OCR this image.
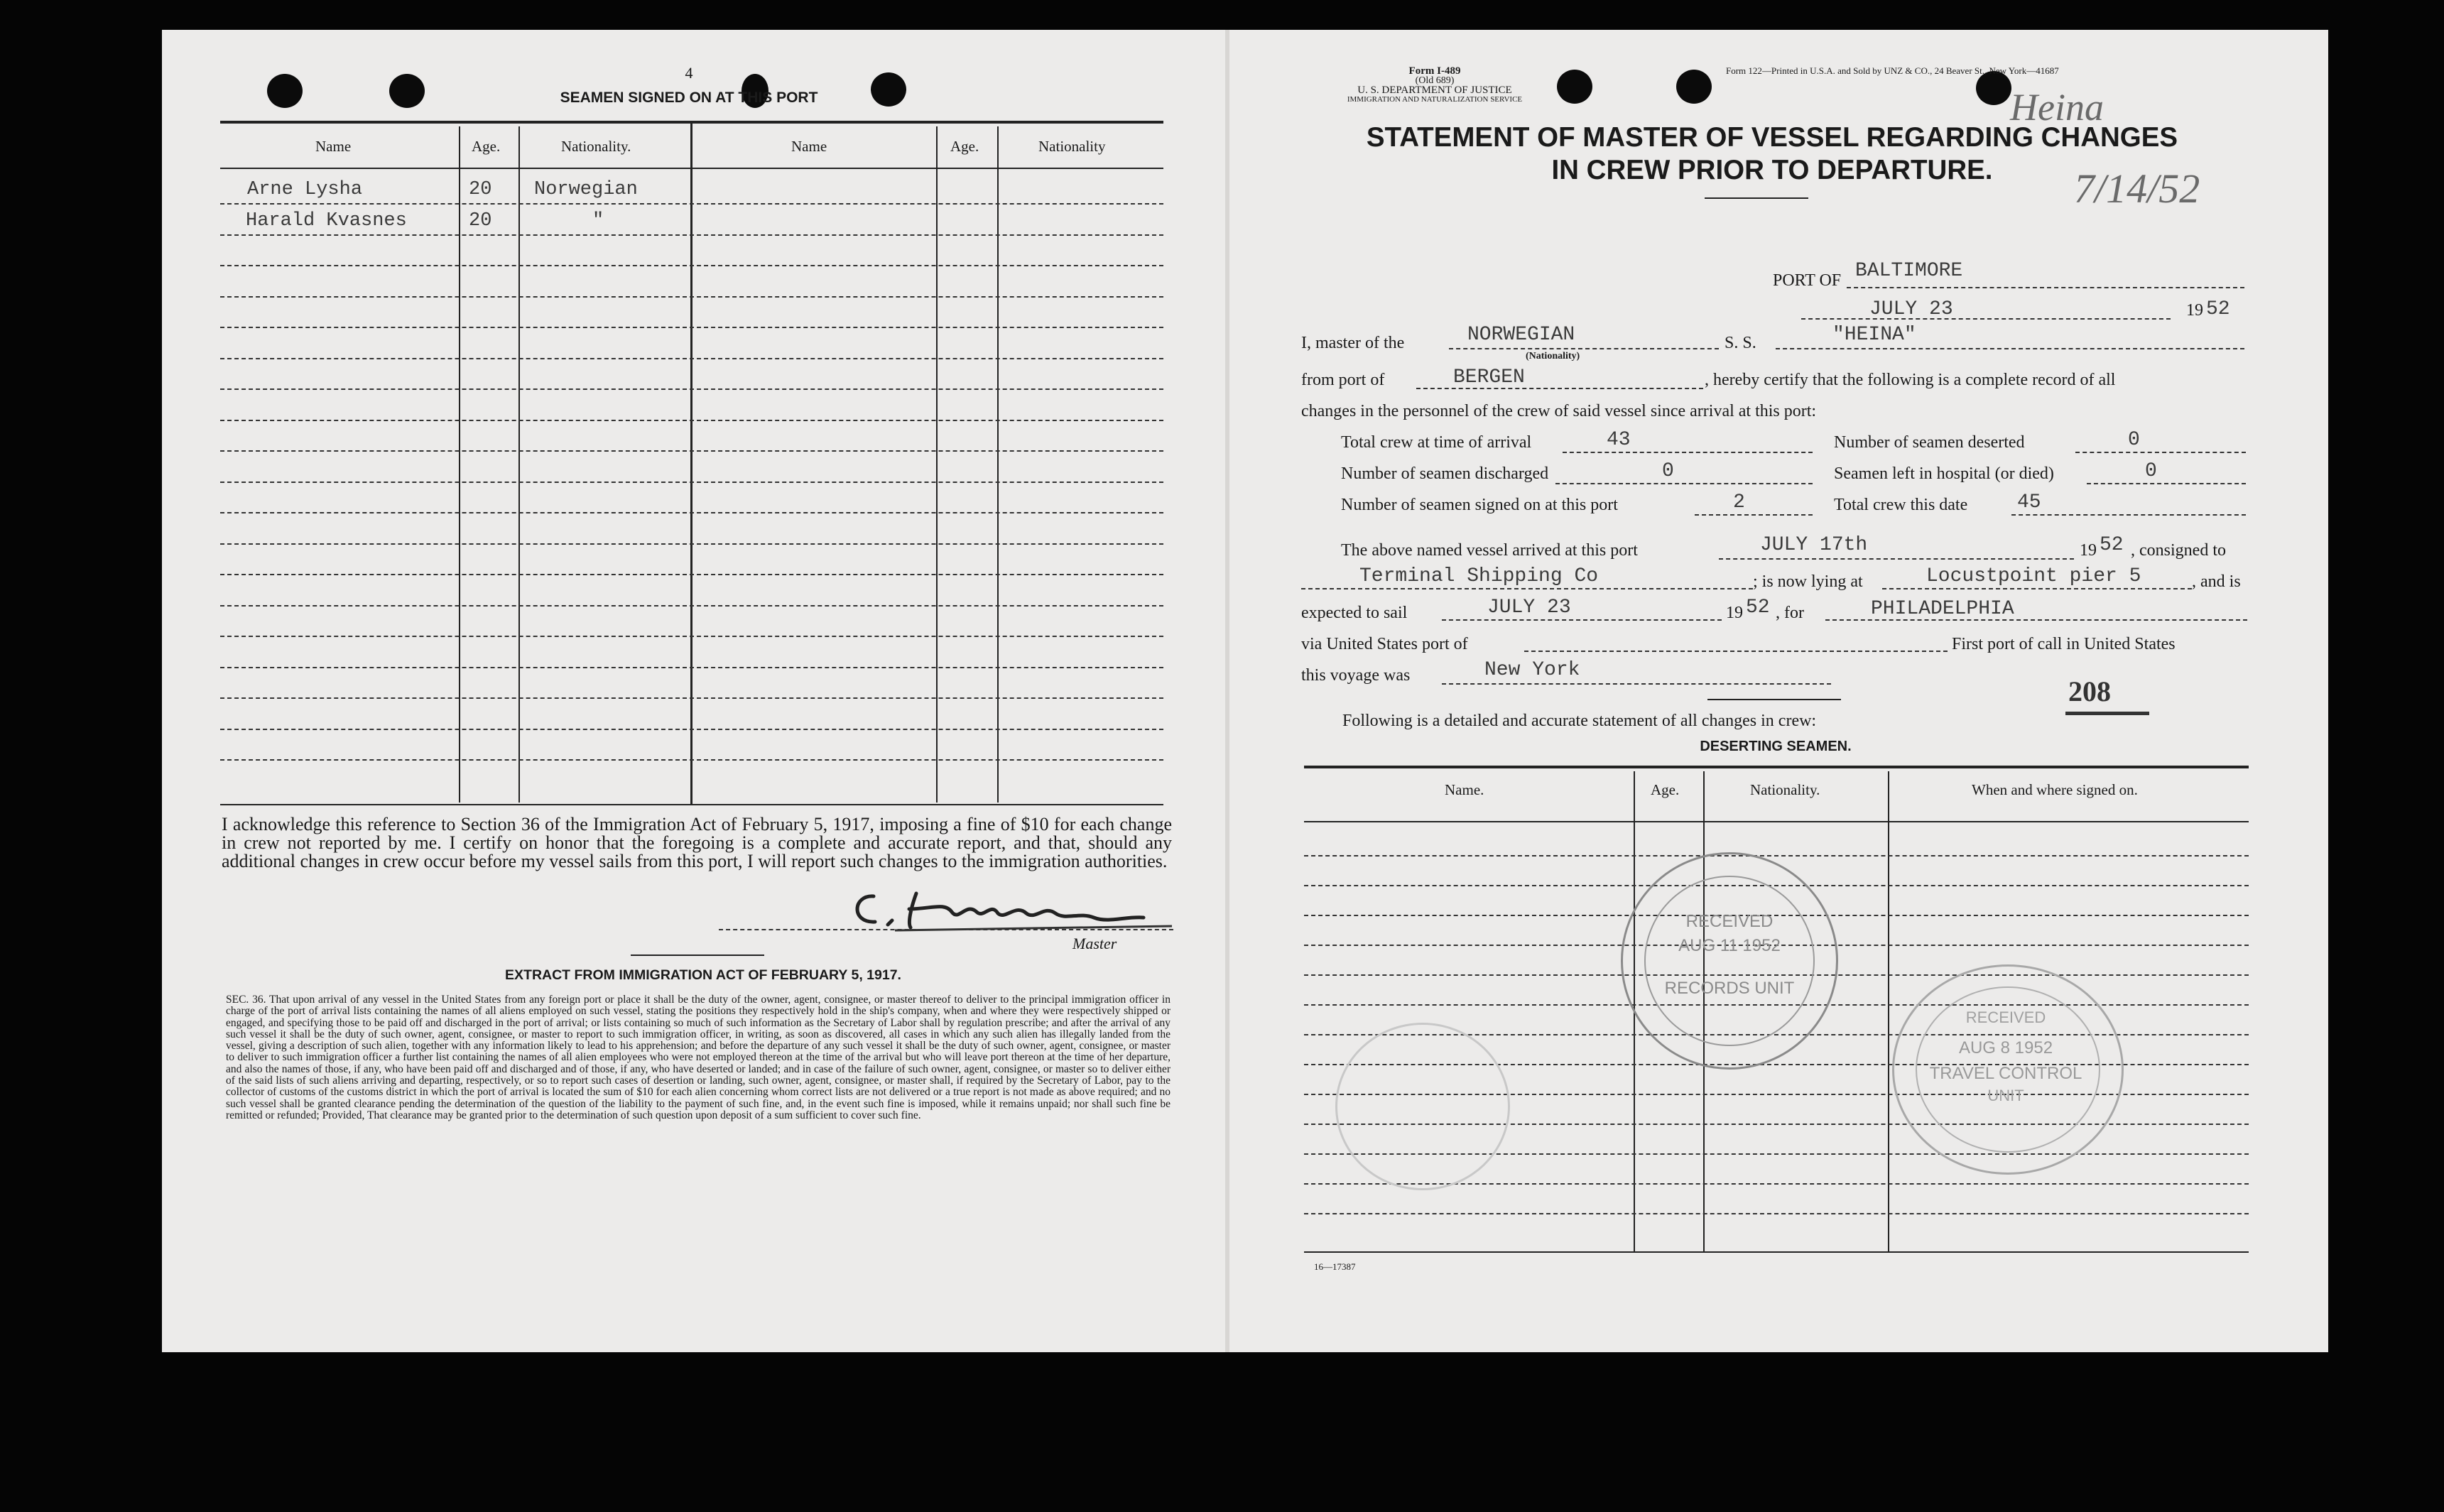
4
SEAMEN SIGNED ON AT THIS PORT
Name	Age.	Nationality.	Name	Age.	Nationality
Arne Lysha	20 Norwegian
Harald Kvasnes	20	"
I acknowledge this reference to Section 36 of the Immigration Act of February 5, 1917, imposing a fine of $10 for each change in crew not reported by me. I certify on honor that the foregoing is a complete and accurate report, and that, should any additional changes in crew occur before my vessel sails from this port, I will report such changes to the immigration authorities.
Master
EXTRACT FROM IMMIGRATION ACT OF FEBRUARY 5, 1917.
SEC. 36. That upon arrival of any vessel in the United States from any foreign port or place it shall be the duty of the owner, agent, consignee, or master thereof to deliver to the principal immigration officer in charge of the port of arrival lists containing the names of all aliens employed on such vessel, stating the positions they respectively hold in the ship's company, when and where they were respectively shipped or engaged, and specifying those to be paid off and discharged in the port of arrival; or lists containing so much of such information as the Secretary of Labor shall by regulation prescribe; and after the arrival of any such vessel it shall be the duty of such owner, agent, consignee, or master to report to such immigration officer, in writing, as soon as discovered, all cases in which any such alien has illegally landed from the vessel, giving a description of such alien, together with any information likely to lead to his apprehension; and before the departure of any such vessel it shall be the duty of such owner, agent, consignee, or master to deliver to such immigration officer a further list containing the names of all alien employees who were not employed thereon at the time of the arrival but who will leave port thereon at the time of her departure, and also the names of those, if any, who have been paid off and discharged and of those, if any, who have deserted or landed; and in case of the failure of such owner, agent, consignee, or master so to deliver either of the said lists of such aliens arriving and departing, respectively, or so to report such cases of desertion or landing, such owner, agent, consignee, or master shall, if required by the Secretary of Labor, pay to the collector of customs of the customs district in which the port of arrival is located the sum of $10 for each alien concerning whom correct lists are not delivered or a true report is not made as above required; and no such vessel shall be granted clearance pending the determination of the question of the liability to the payment of such fine, and, in the event such fine is imposed, while it remains unpaid; nor shall such fine be remitted or refunded; Provided, That clearance may be granted prior to the determination of such question upon deposit of a sum sufficient to cover such fine.
Form I-489
(Old 689)
U. S. DEPARTMENT OF JUSTICE
IMMIGRATION AND NATURALIZATION SERVICE
Form 122—Printed in U.S.A. and Sold by UNZ & CO., 24 Beaver St., New York—41687
Heina
7/14/52
STATEMENT OF MASTER OF VESSEL REGARDING CHANGES
IN CREW PRIOR TO DEPARTURE.
PORT OF BALTIMORE
JULY 23	19 52
I, master of the	NORWEGIAN
(Nationality)
S. S.	"HEINA"
from port of	BERGEN	, hereby certify that the following is a complete record of all
changes in the personnel of the crew of said vessel since arrival at this port:
Total crew at time of arrival	43	Number of seamen deserted	0
Number of seamen discharged	0	Seamen left in hospital (or died)	0
Number of seamen signed on at this port	2	Total crew this date 45
The above named vessel arrived at this port	JULY 17th	19 52 , consigned to
Terminal Shipping Co	; is now lying at	Locustpoint pier 5	, and is
expected to sail	JULY 23	19 52 , for	PHILADELPHIA
via United States port of	First port of call in United States
this voyage was	New York
208
Following is a detailed and accurate statement of all changes in crew:
DESERTING SEAMEN.
Name.	Age.	Nationality.	When and where signed on.
16—17387
RECEIVED
AUG 11 1952
RECORDS UNIT
RECEIVED
AUG 8 1952
TRAVEL CONTROL
UNIT
